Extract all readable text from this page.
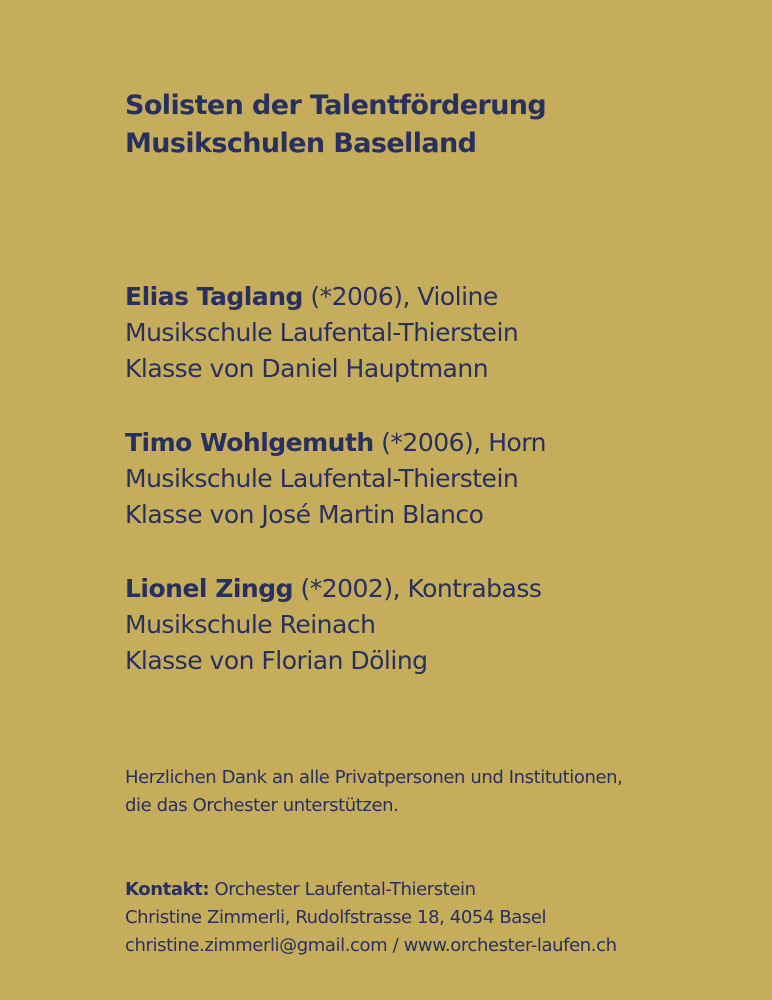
Solisten der Talentförderung
Musikschulen Baselland
Elias Taglang (*2006), Violine
Musikschule Laufental-Thierstein
Klasse von Daniel Hauptmann
Timo Wohlgemuth (*2006), Horn
Musikschule Laufental-Thierstein
Klasse von José Martin Blanco
Lionel Zingg (*2002), Kontrabass
Musikschule Reinach
Klasse von Florian Döling
Herzlichen Dank an alle Privatpersonen und Institutionen,
die das Orchester unterstützen.
Kontakt: Orchester Laufental-Thierstein
Christine Zimmerli, Rudolfstrasse 18, 4054 Basel
christine.zimmerli@gmail.com / www.orchester-laufen.ch
